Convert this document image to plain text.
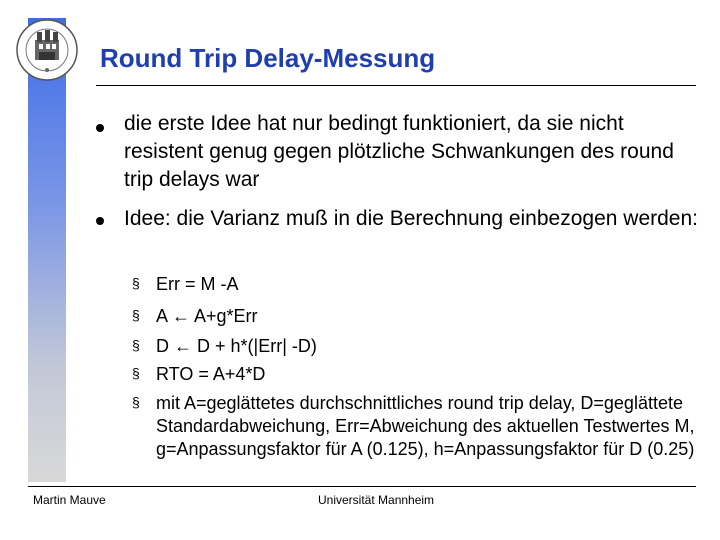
Round Trip Delay-Messung
die erste Idee hat nur bedingt funktioniert, da sie nicht resistent genug gegen plötzliche Schwankungen des round trip delays war
Idee: die Varianz muß in die Berechnung einbezogen werden:
§ Err = M -A
§ A ← A+g*Err
§ D ← D + h*(|Err| -D)
§ RTO = A+4*D
§ mit A=geglättetes durchschnittliches round trip delay, D=geglättete Standardabweichung, Err=Abweichung des aktuellen Testwertes M, g=Anpassungsfaktor für A (0.125), h=Anpassungsfaktor für D (0.25)
Martin Mauve	Universität Mannheim
